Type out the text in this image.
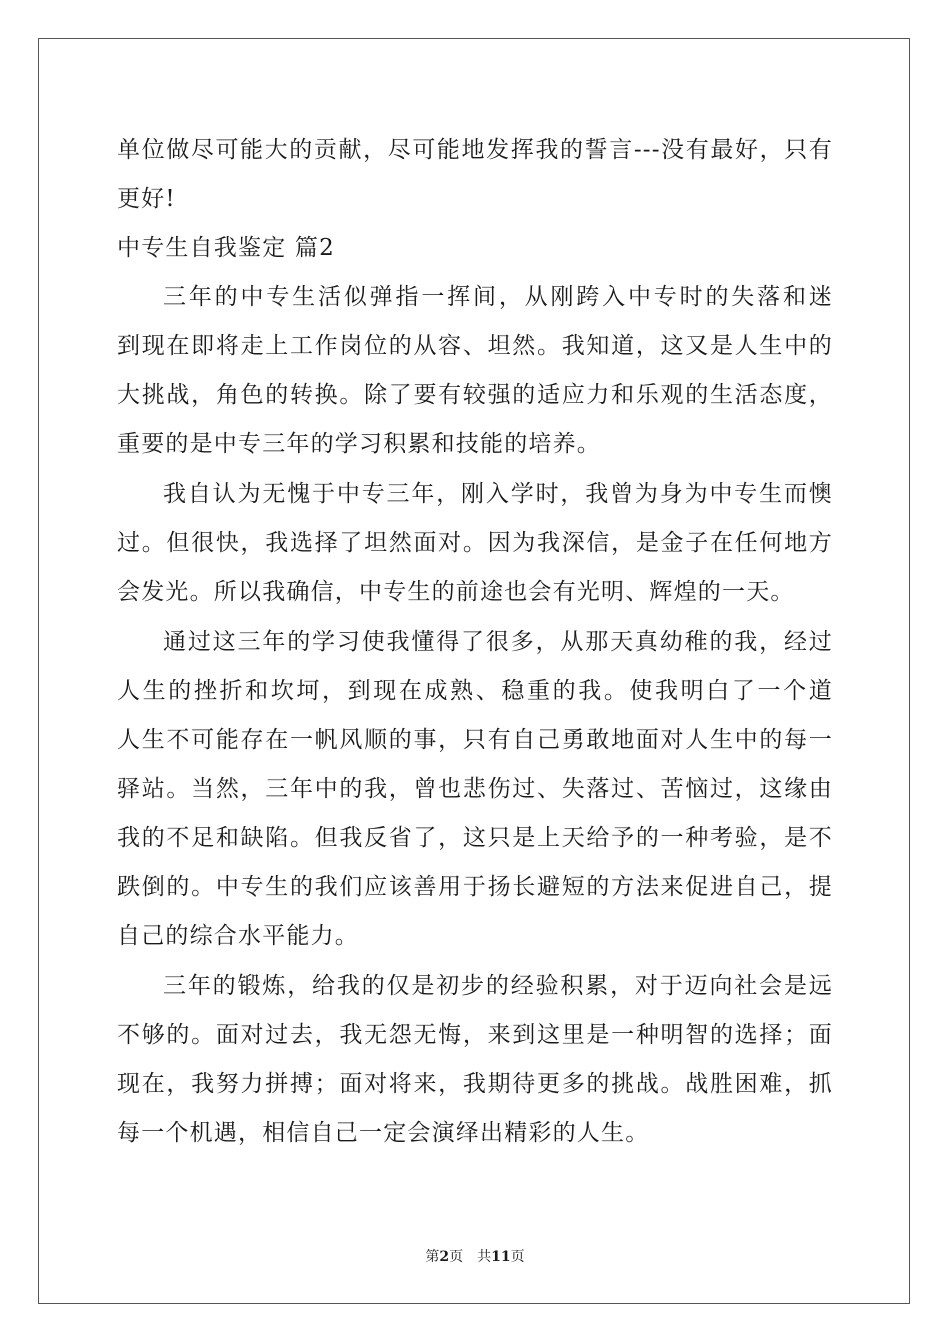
单位做尽可能大的贡献，尽可能地发挥我的誓言---没有最好，只有
更好!
中专生自我鉴定 篇2
三年的中专生活似弹指一挥间，从刚跨入中专时的失落和迷
到现在即将走上工作岗位的从容、坦然。我知道，这又是人生中的
大挑战，角色的转换。除了要有较强的适应力和乐观的生活态度，
重要的是中专三年的学习积累和技能的培养。
我自认为无愧于中专三年，刚入学时，我曾为身为中专生而懊
过。但很快，我选择了坦然面对。因为我深信，是金子在任何地方
会发光。所以我确信，中专生的前途也会有光明、辉煌的一天。
通过这三年的学习使我懂得了很多，从那天真幼稚的我，经过
人生的挫折和坎坷，到现在成熟、稳重的我。使我明白了一个道
人生不可能存在一帆风顺的事，只有自己勇敢地面对人生中的每一
驿站。当然，三年中的我，曾也悲伤过、失落过、苦恼过，这缘由
我的不足和缺陷。但我反省了，这只是上天给予的一种考验，是不
跌倒的。中专生的我们应该善用于扬长避短的方法来促进自己，提
自己的综合水平能力。
三年的锻炼，给我的仅是初步的经验积累，对于迈向社会是远
不够的。面对过去，我无怨无悔，来到这里是一种明智的选择；面
现在，我努力拼搏；面对将来，我期待更多的挑战。战胜困难，抓
每一个机遇，相信自己一定会演绎出精彩的人生。
第2页 共11页
